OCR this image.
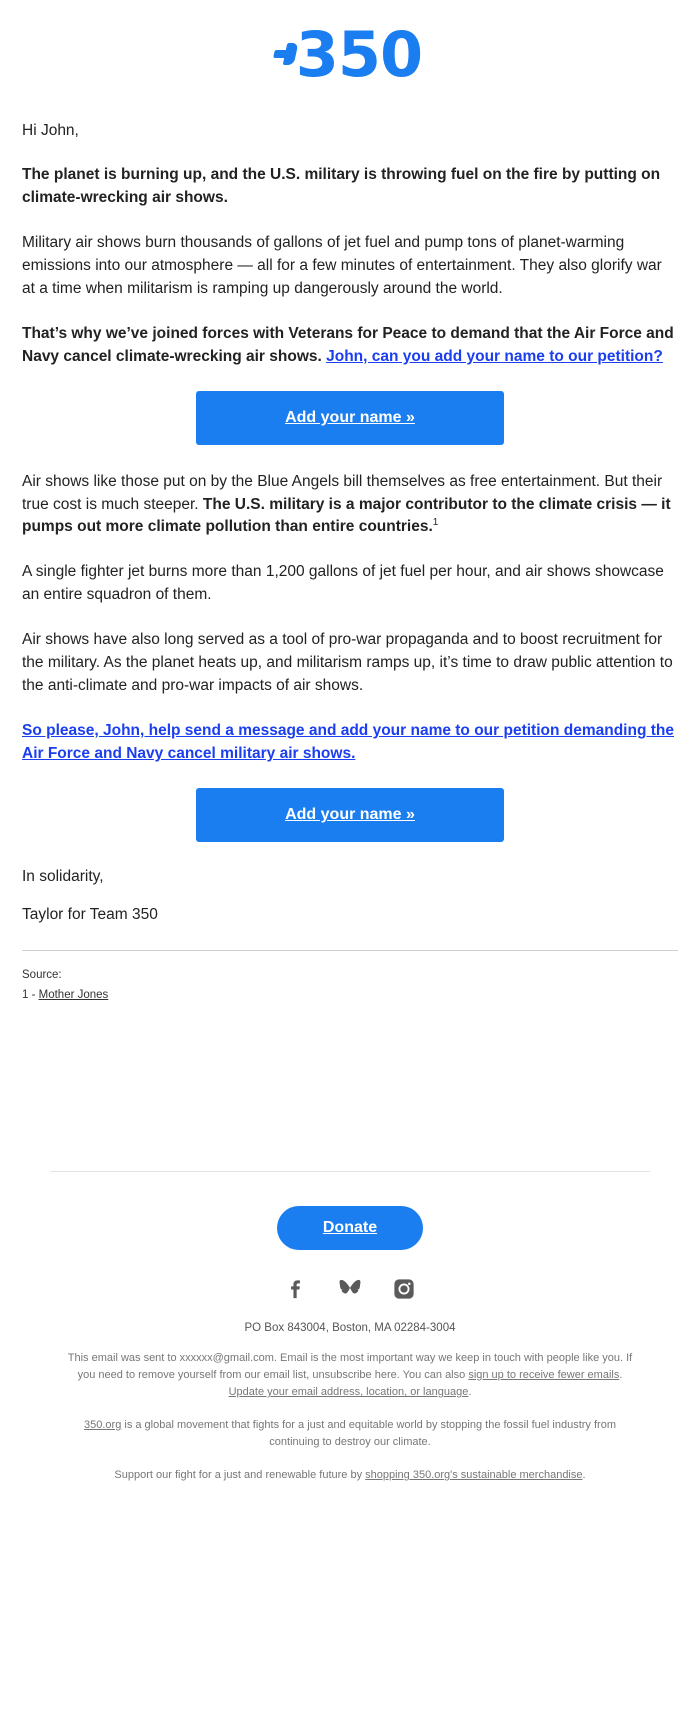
350

Hi John,

The planet is burning up, and the U.S. military is throwing fuel on the fire by putting on climate-wrecking air shows.

Military air shows burn thousands of gallons of jet fuel and pump tons of planet-warming emissions into our atmosphere — all for a few minutes of entertainment. They also glorify war at a time when militarism is ramping up dangerously around the world.

That’s why we’ve joined forces with Veterans for Peace to demand that the Air Force and Navy cancel climate-wrecking air shows. John, can you add your name to our petition?

Add your name »

Air shows like those put on by the Blue Angels bill themselves as free entertainment. But their true cost is much steeper. The U.S. military is a major contributor to the climate crisis — it pumps out more climate pollution than entire countries.$^1$

A single fighter jet burns more than 1,200 gallons of jet fuel per hour, and air shows showcase an entire squadron of them.

Air shows have also long served as a tool of pro-war propaganda and to boost recruitment for the military. As the planet heats up, and militarism ramps up, it’s time to draw public attention to the anti-climate and pro-war impacts of air shows.

So please, John, help send a message and add your name to our petition demanding the Air Force and Navy cancel military air shows.

Add your name »

In solidarity,

Taylor for Team 350

Source:

1 - Mother Jones

Donate

PO Box 843004, Boston, MA 02284-3004

This email was sent to xxxxxx@gmail.com. Email is the most important way we keep in touch with people like you. If you need to remove yourself from our email list, unsubscribe here. You can also sign up to receive fewer emails. Update your email address, location, or language.

350.org is a global movement that fights for a just and equitable world by stopping the fossil fuel industry from continuing to destroy our climate.

Support our fight for a just and renewable future by shopping 350.org's sustainable merchandise.
